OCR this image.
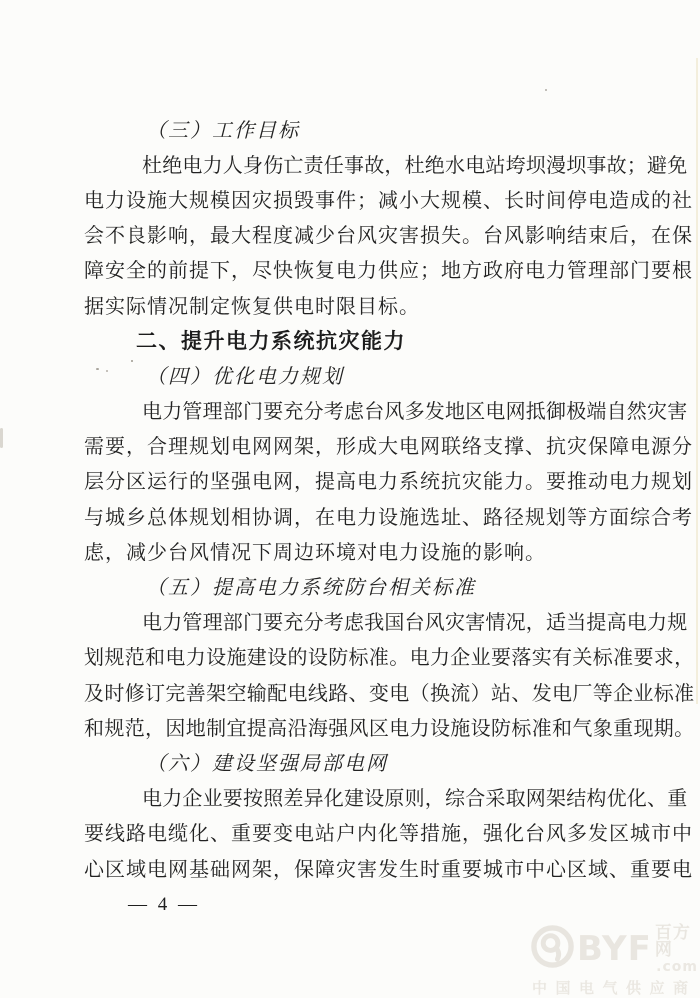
（三）工作目标
杜绝电力人身伤亡责任事故，杜绝水电站垮坝漫坝事故；避免
电力设施大规模因灾损毁事件；减小大规模、长时间停电造成的社
会不良影响，最大程度减少台风灾害损失。台风影响结束后，在保
障安全的前提下，尽快恢复电力供应；地方政府电力管理部门要根
据实际情况制定恢复供电时限目标。
二、提升电力系统抗灾能力
（四）优化电力规划
电力管理部门要充分考虑台风多发地区电网抵御极端自然灾害
需要，合理规划电网网架，形成大电网联络支撑、抗灾保障电源分
层分区运行的坚强电网，提高电力系统抗灾能力。要推动电力规划
与城乡总体规划相协调，在电力设施选址、路径规划等方面综合考
虑，减少台风情况下周边环境对电力设施的影响。
（五）提高电力系统防台相关标准
电力管理部门要充分考虑我国台风灾害情况，适当提高电力规
划规范和电力设施建设的设防标准。电力企业要落实有关标准要求，
及时修订完善架空输配电线路、变电（换流）站、发电厂等企业标准
和规范，因地制宜提高沿海强风区电力设施设防标准和气象重现期。
（六）建设坚强局部电网
电力企业要按照差异化建设原则，综合采取网架结构优化、重
要线路电缆化、重要变电站户内化等措施，强化台风多发区城市中
心区域电网基础网架，保障灾害发生时重要城市中心区域、重要电
— 4 —
BYF 百方网
.com
中国电气供应商
